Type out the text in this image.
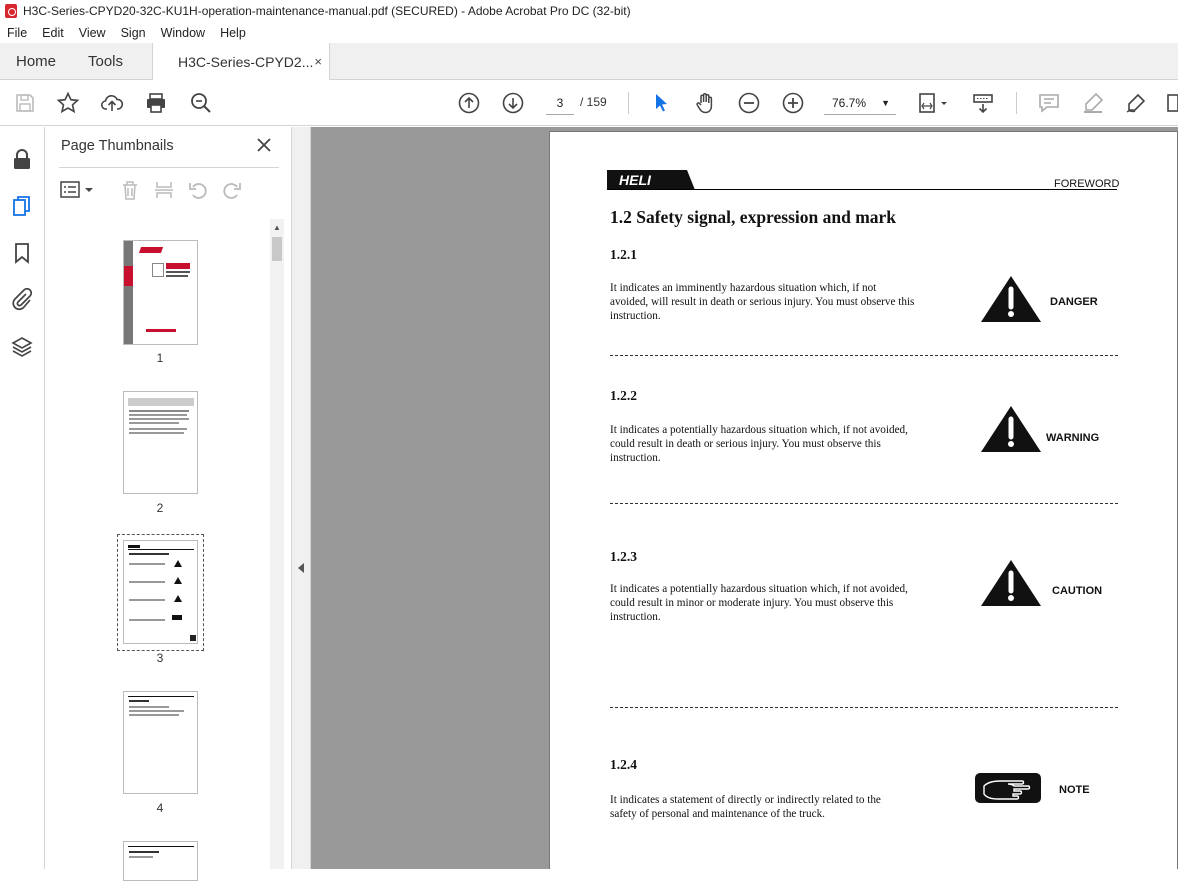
H3C-Series-CPYD20-32C-KU1H-operation-maintenance-manual.pdf (SECURED) - Adobe Acrobat Pro DC (32-bit)
File	Edit	View	Sign	Window	Help
Home Tools	H3C-Series-CPYD2... ×
3	/ 159	76.7% ▼
Page Thumbnails
1
2
3
4
▲
HELI	FOREWORD
1.2 Safety signal, expression and mark
1.2.1
It indicates an imminently hazardous situation which, if not avoided, will result in death or serious injury. You must observe this instruction.
DANGER
1.2.2
It indicates a potentially hazardous situation which, if not avoided, could result in death or serious injury. You must observe this instruction.
WARNING
1.2.3
It indicates a potentially hazardous situation which, if not avoided, could result in minor or moderate injury. You must observe this instruction.
CAUTION
1.2.4
It indicates a statement of directly or indirectly related to the safety of personal and maintenance of the truck.
NOTE
